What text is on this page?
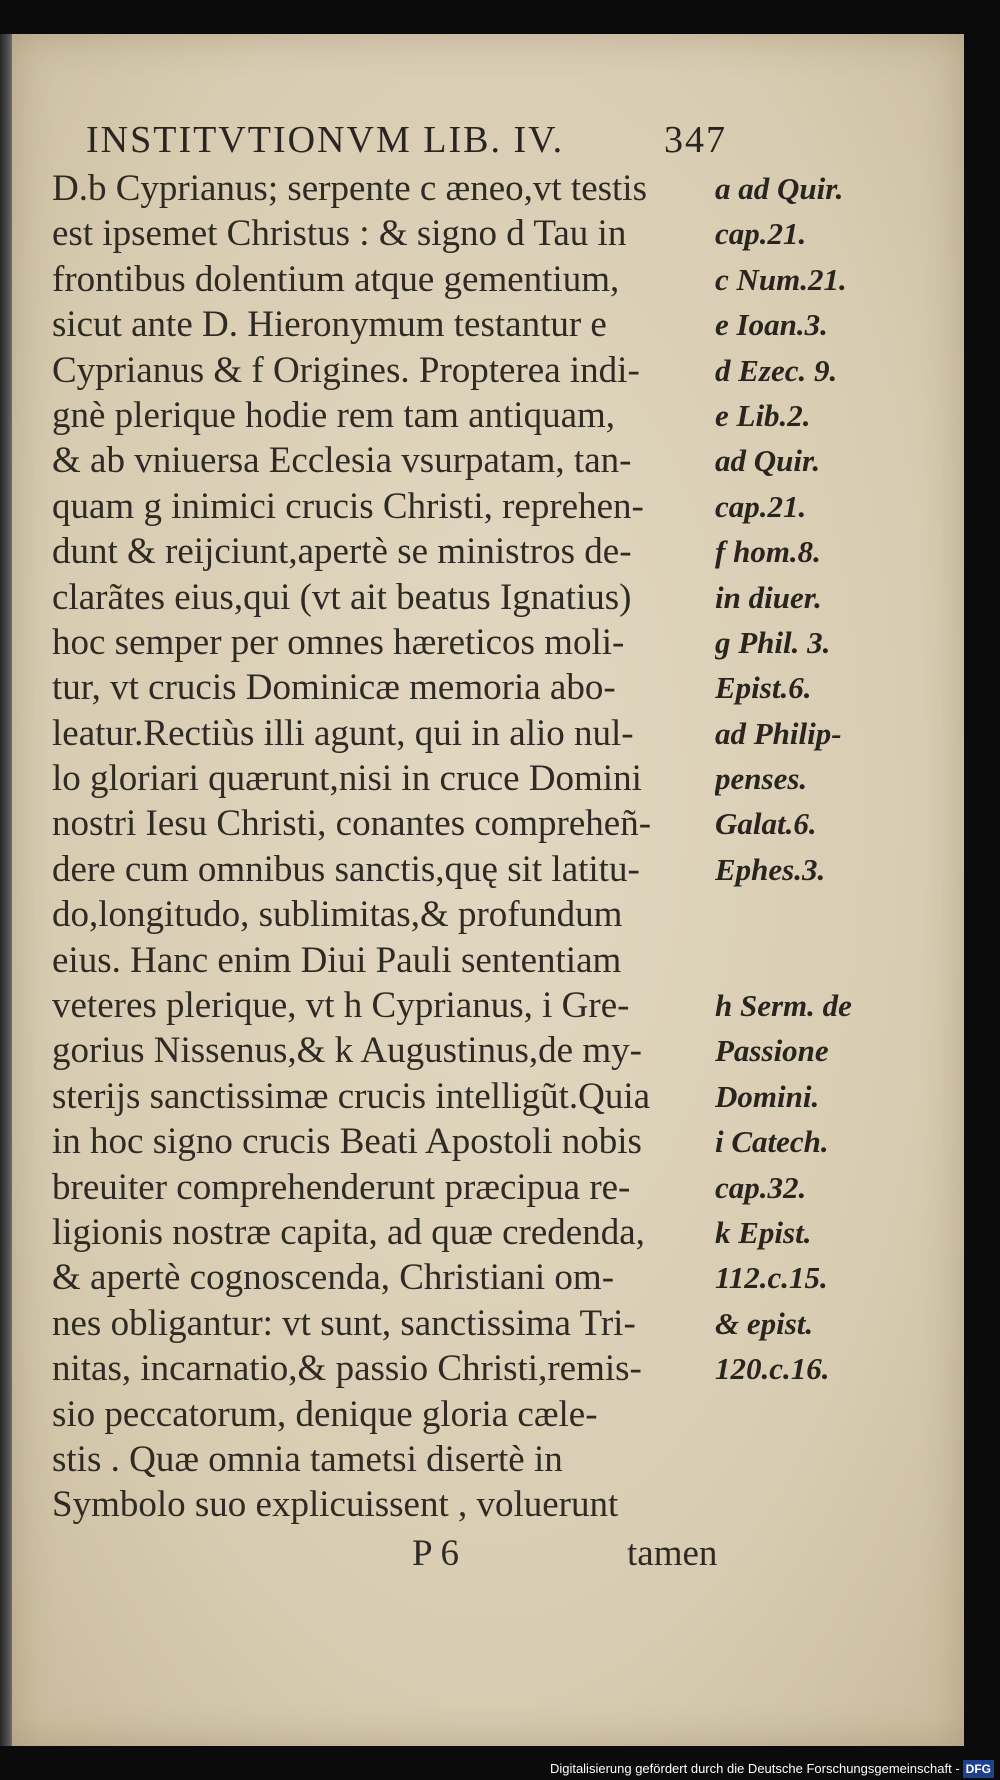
INSTITVTIONVM LIB. IV.	347
D.b Cyprianus; serpente c æneo,vt testis
est ipsemet Christus : & signo d Tau in
frontibus dolentium atque gementium,
sicut ante D. Hieronymum testantur e
Cyprianus & f Origines. Propterea indi-
gnè plerique hodie rem tam antiquam,
& ab vniuersa Ecclesia vsurpatam, tan-
quam g inimici crucis Christi, reprehen-
dunt & reijciunt,apertè se ministros de-
clarãtes eius,qui (vt ait beatus Ignatius)
hoc semper per omnes hæreticos moli-
tur, vt crucis Dominicæ memoria abo-
leatur.Rectiùs illi agunt, qui in alio nul-
lo gloriari quærunt,nisi in cruce Domini
nostri Iesu Christi, conantes compreheñ-
dere cum omnibus sanctis,quę sit latitu-
do,longitudo, sublimitas,& profundum
eius. Hanc enim Diui Pauli sententiam
veteres plerique, vt h Cyprianus, i Gre-
gorius Nissenus,& k Augustinus,de my-
sterijs sanctissimæ crucis intelligũt.Quia
in hoc signo crucis Beati Apostoli nobis
breuiter comprehenderunt præcipua re-
ligionis nostræ capita, ad quæ credenda,
& apertè cognoscenda, Christiani om-
nes obligantur: vt sunt, sanctissima Tri-
nitas, incarnatio,& passio Christi,remis-
sio peccatorum, denique gloria cæle-
stis . Quæ omnia tametsi disertè in
Symbolo suo explicuissent , voluerunt
a ad Quir.
cap.21.
c Num.21.
e Ioan.3.
d Ezec. 9.
e Lib.2.
ad Quir.
cap.21.
f hom.8.
in diuer.
g Phil. 3.
Epist.6.
ad Philip-
penses.
Galat.6.
Ephes.3.
h Serm. de
Passione
Domini.
i Catech.
cap.32.
k Epist.
112.c.15.
& epist.
120.c.16.
P 6	tamen
Digitalisierung gefördert durch die Deutsche Forschungsgemeinschaft - DFG
